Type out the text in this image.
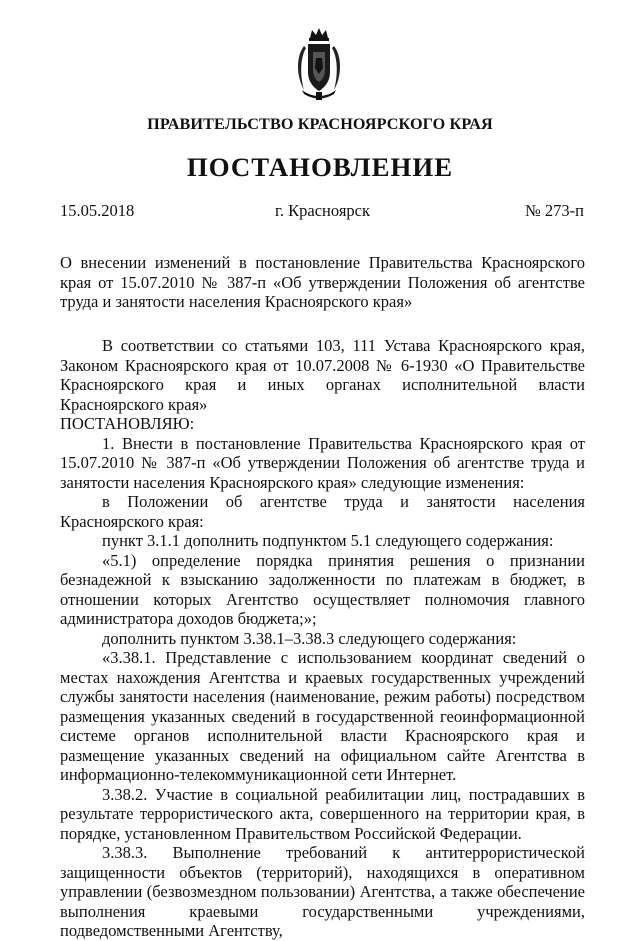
ПРАВИТЕЛЬСТВО КРАСНОЯРСКОГО КРАЯ
ПОСТАНОВЛЕНИЕ
15.05.2018	г. Красноярск	№ 273-п
О внесении изменений в постановление Правительства Красноярского края от 15.07.2010 № 387-п «Об утверждении Положения об агентстве труда и занятости населения Красноярского края»

В соответствии со статьями 103, 111 Устава Красноярского края, Законом Красноярского края от 10.07.2008 № 6-1930 «О Правительстве Красноярского края и иных органах исполнительной власти Красноярского края»

ПОСТАНОВЛЯЮ:

1. Внести в постановление Правительства Красноярского края от 15.07.2010 № 387-п «Об утверждении Положения об агентстве труда и занятости населения Красноярского края» следующие изменения:

в Положении об агентстве труда и занятости населения Красноярского края:

пункт 3.1.1 дополнить подпунктом 5.1 следующего содержания:

«5.1) определение порядка принятия решения о признании безнадежной к взысканию задолженности по платежам в бюджет, в отношении которых Агентство осуществляет полномочия главного администратора доходов бюджета;»;

дополнить пунктом 3.38.1–3.38.3 следующего содержания:

«3.38.1. Представление с использованием координат сведений о местах нахождения Агентства и краевых государственных учреждений службы занятости населения (наименование, режим работы) посредством размещения указанных сведений в государственной геоинформационной системе органов исполнительной власти Красноярского края и размещение указанных сведений на официальном сайте Агентства в информационно-телекоммуникационной сети Интернет.

3.38.2. Участие в социальной реабилитации лиц, пострадавших в результате террористического акта, совершенного на территории края, в порядке, установленном Правительством Российской Федерации.

3.38.3. Выполнение требований к антитеррористической защищенности объектов (территорий), находящихся в оперативном управлении (безвозмездном пользовании) Агентства, а также обеспечение выполнения краевыми государственными учреждениями, подведомственными Агентству,
